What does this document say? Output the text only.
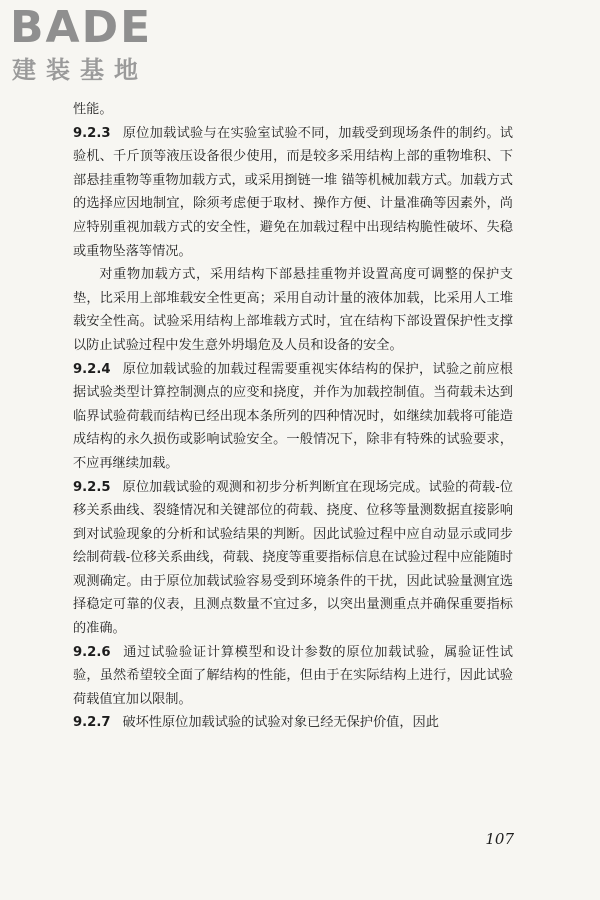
BADE
建装基地

性能。

9.2.3 原位加载试验与在实验室试验不同，加载受到现场条件的制约。试验机、千斤顶等液压设备很少使用，而是较多采用结构上部的重物堆积、下部悬挂重物等重物加载方式，或采用捯链一堆 锚等机械加载方式。加载方式的选择应因地制宜，除须考虑便于取材、操作方便、计量准确等因素外，尚应特别重视加载方式的安全性，避免在加载过程中出现结构脆性破坏、失稳或重物坠落等情况。

对重物加载方式，采用结构下部悬挂重物并设置高度可调整的保护支垫，比采用上部堆载安全性更高；采用自动计量的液体加载，比采用人工堆载安全性高。试验采用结构上部堆载方式时，宜在结构下部设置保护性支撑以防止试验过程中发生意外坍塌危及人员和设备的安全。

9.2.4 原位加载试验的加载过程需要重视实体结构的保护，试验之前应根据试验类型计算控制测点的应变和挠度，并作为加载控制值。当荷载未达到临界试验荷载而结构已经出现本条所列的四种情况时，如继续加载将可能造成结构的永久损伤或影响试验安全。一般情况下，除非有特殊的试验要求，不应再继续加载。

9.2.5 原位加载试验的观测和初步分析判断宜在现场完成。试验的荷载-位移关系曲线、裂缝情况和关键部位的荷载、挠度、位移等量测数据直接影响到对试验现象的分析和试验结果的判断。因此试验过程中应自动显示或同步绘制荷载-位移关系曲线，荷载、挠度等重要指标信息在试验过程中应能随时观测确定。由于原位加载试验容易受到环境条件的干扰，因此试验量测宜选择稳定可靠的仪表，且测点数量不宜过多，以突出量测重点并确保重要指标的准确。

9.2.6 通过试验验证计算模型和设计参数的原位加载试验，属验证性试验，虽然希望较全面了解结构的性能，但由于在实际结构上进行，因此试验荷载值宜加以限制。

9.2.7 破坏性原位加载试验的试验对象已经无保护价值，因此

107
